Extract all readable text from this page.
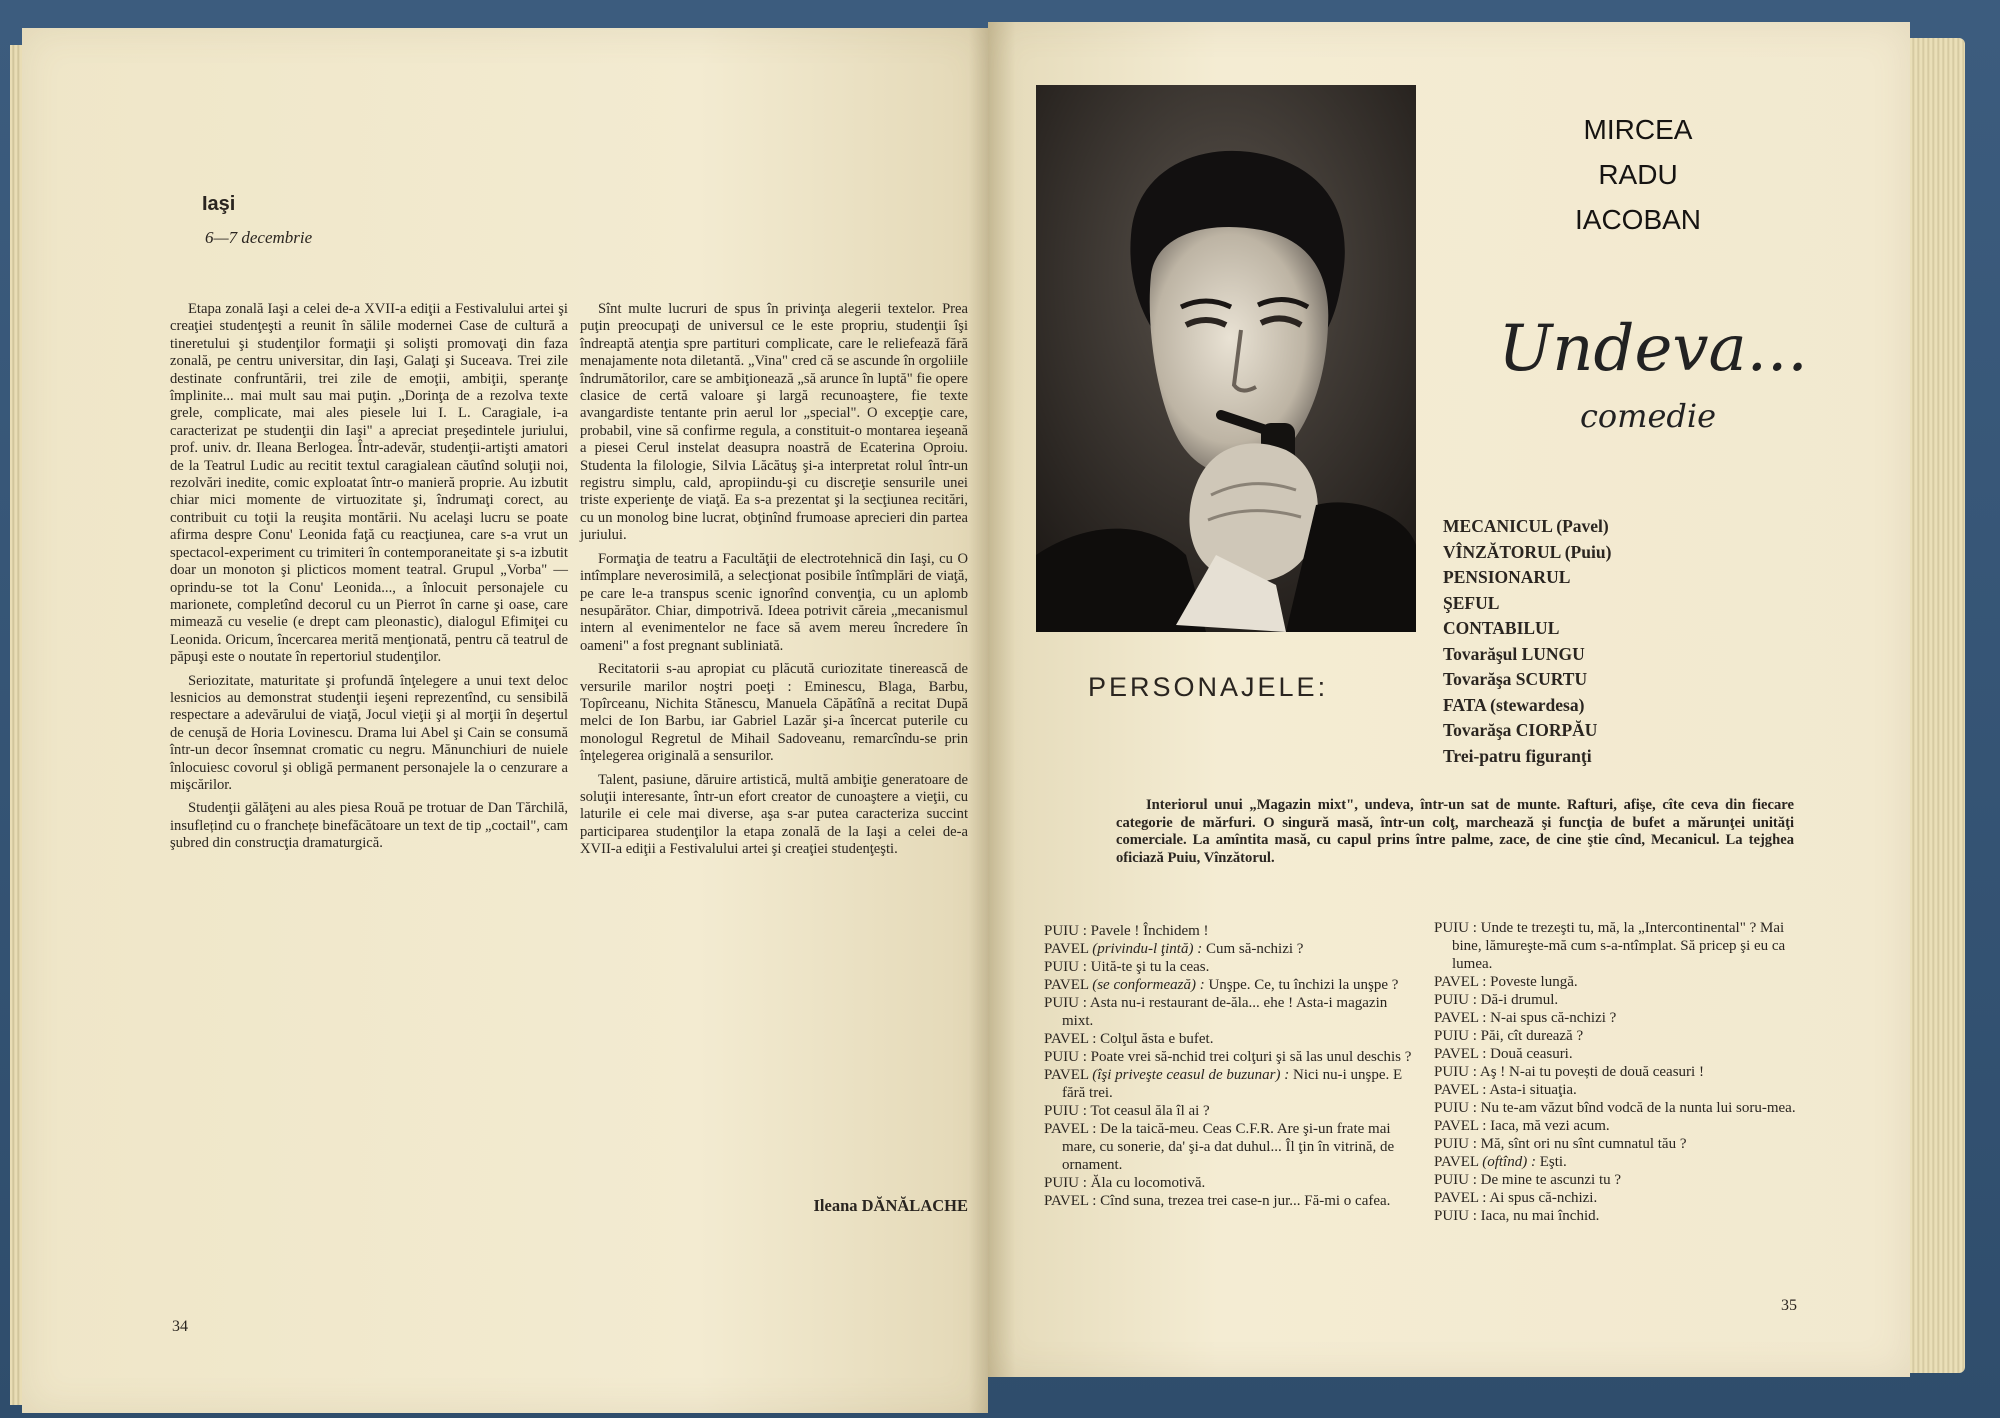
Iaşi
6—7 decembrie

Etapa zonală Iaşi a celei de-a XVII-a ediţii a Festivalului artei şi creaţiei studenţeşti a reunit în sălile modernei Case de cultură a tineretului şi studenţilor formaţii şi solişti promovaţi din faza zonală, pe centru universitar, din Iaşi, Galaţi şi Suceava. Trei zile destinate confruntării, trei zile de emoţii, ambiţii, speranţe împlinite... mai mult sau mai puţin. „Dorinţa de a rezolva texte grele, complicate, mai ales piesele lui I. L. Caragiale, i-a caracterizat pe studenţii din Iaşi" a apreciat preşedintele juriului, prof. univ. dr. Ileana Berlogea. Într-adevăr, studenţii-artişti amatori de la Teatrul Ludic au recitit textul caragialean căutînd soluţii noi, rezolvări inedite, comic exploatat într-o manieră proprie. Au izbutit chiar mici momente de virtuozitate şi, îndrumaţi corect, au contribuit cu toţii la reuşita montării. Nu acelaşi lucru se poate afirma despre Conu' Leonida faţă cu reacţiunea, care s-a vrut un spectacol-experiment cu trimiteri în contemporaneitate şi s-a izbutit doar un monoton şi plicticos moment teatral. Grupul „Vorba" — oprindu-se tot la Conu' Leonida..., a înlocuit personajele cu marionete, completînd decorul cu un Pierrot în carne şi oase, care mimează cu veselie (e drept cam pleonastic), dialogul Efimiţei cu Leonida. Oricum, încercarea merită menţionată, pentru că teatrul de păpuşi este o noutate în repertoriul studenţilor.

Seriozitate, maturitate şi profundă înţelegere a unui text deloc lesnicios au demonstrat studenţii ieşeni reprezentînd, cu sensibilă respectare a adevărului de viaţă, Jocul vieţii şi al morţii în deşertul de cenuşă de Horia Lovinescu. Drama lui Abel şi Cain se consumă într-un decor însemnat cromatic cu negru. Mănunchiuri de nuiele înlocuiesc covorul şi obligă permanent personajele la o cenzurare a mişcărilor.

Studenţii gălăţeni au ales piesa Rouă pe trotuar de Dan Tărchilă, insuflețind cu o franchețe binefăcătoare un text de tip „coctail", cam şubred din construcţia dramaturgică.

Sînt multe lucruri de spus în privinţa alegerii textelor. Prea puţin preocupaţi de universul ce le este propriu, studenţii îşi îndreaptă atenţia spre partituri complicate, care le reliefează fără menajamente nota diletantă. „Vina" cred că se ascunde în orgoliile îndrumătorilor, care se ambiţionează „să arunce în luptă" fie opere clasice de certă valoare şi largă recunoaştere, fie texte avangardiste tentante prin aerul lor „special". O excepţie care, probabil, vine să confirme regula, a constituit-o montarea ieşeană a piesei Cerul instelat deasupra noastră de Ecaterina Oproiu. Studenta la filologie, Silvia Lăcătuş şi-a interpretat rolul într-un registru simplu, cald, apropiindu-şi cu discreţie sensurile unei triste experienţe de viaţă. Ea s-a prezentat şi la secţiunea recitări, cu un monolog bine lucrat, obţinînd frumoase aprecieri din partea juriului.

Formaţia de teatru a Facultăţii de electrotehnică din Iaşi, cu O intîmplare neverosimilă, a selecţionat posibile întîmplări de viaţă, pe care le-a transpus scenic ignorînd convenţia, cu un aplomb nesupărător. Chiar, dimpotrivă. Ideea potrivit căreia „mecanismul intern al evenimentelor ne face să avem mereu încredere în oameni" a fost pregnant subliniată.

Recitatorii s-au apropiat cu plăcută curiozitate tinerească de versurile marilor noştri poeţi : Eminescu, Blaga, Barbu, Topîrceanu, Nichita Stănescu, Manuela Căpătînă a recitat După melci de Ion Barbu, iar Gabriel Lazăr şi-a încercat puterile cu monologul Regretul de Mihail Sadoveanu, remarcîndu-se prin înţelegerea originală a sensurilor.

Talent, pasiune, dăruire artistică, multă ambiţie generatoare de soluţii interesante, într-un efort creator de cunoaştere a vieţii, cu laturile ei cele mai diverse, aşa s-ar putea caracteriza succint participarea studenţilor la etapa zonală de la Iaşi a celei de-a XVII-a ediţii a Festivalului artei şi creaţiei studenţeşti.

Ileana DĂNĂLACHE
34
MIRCEA
RADU
IACOBAN
Undeva...
comedie
PERSONAJELE:
MECANICUL (Pavel)
VÎNZĂTORUL (Puiu)
PENSIONARUL
ŞEFUL
CONTABILUL
Tovarăşul LUNGU
Tovarăşa SCURTU
FATA (stewardesa)
Tovarăşa CIORPĂU
Trei-patru figuranţi
Interiorul unui „Magazin mixt", undeva, într-un sat de munte. Rafturi, afişe, cîte ceva din fiecare categorie de mărfuri. O singură masă, într-un colţ, marchează şi funcţia de bufet a mărunţei unităţi comerciale. La amîntita masă, cu capul prins între palme, zace, de cine ştie cînd, Mecanicul. La tejghea oficiază Puiu, Vînzătorul.
PUIU : Pavele ! Închidem !
PAVEL (privindu-l ţintă) : Cum să-nchizi ?
PUIU : Uită-te şi tu la ceas.
PAVEL (se conformează) : Unşpe. Ce, tu închizi la unşpe ?
PUIU : Asta nu-i restaurant de-ăla... ehe ! Asta-i magazin mixt.
PAVEL : Colţul ăsta e bufet.
PUIU : Poate vrei să-nchid trei colţuri şi să las unul deschis ?
PAVEL (îşi priveşte ceasul de buzunar) : Nici nu-i unşpe. E fără trei.
PUIU : Tot ceasul ăla îl ai ?
PAVEL : De la taică-meu. Ceas C.F.R. Are şi-un frate mai mare, cu sonerie, da' şi-a dat duhul... Îl ţin în vitrină, de ornament.
PUIU : Ăla cu locomotivă.
PAVEL : Cînd suna, trezea trei case-n jur... Fă-mi o cafea.
PUIU : Unde te trezeşti tu, mă, la „Intercontinental" ? Mai bine, lămureşte-mă cum s-a-ntîmplat. Să pricep şi eu ca lumea.
PAVEL : Poveste lungă.
PUIU : Dă-i drumul.
PAVEL : N-ai spus că-nchizi ?
PUIU : Păi, cît durează ?
PAVEL : Două ceasuri.
PUIU : Aş ! N-ai tu povești de două ceasuri !
PAVEL : Asta-i situaţia.
PUIU : Nu te-am văzut bînd vodcă de la nunta lui soru-mea.
PAVEL : Iaca, mă vezi acum.
PUIU : Mă, sînt ori nu sînt cumnatul tău ?
PAVEL (oftînd) : Eşti.
PUIU : De mine te ascunzi tu ?
PAVEL : Ai spus că-nchizi.
PUIU : Iaca, nu mai închid.
35
